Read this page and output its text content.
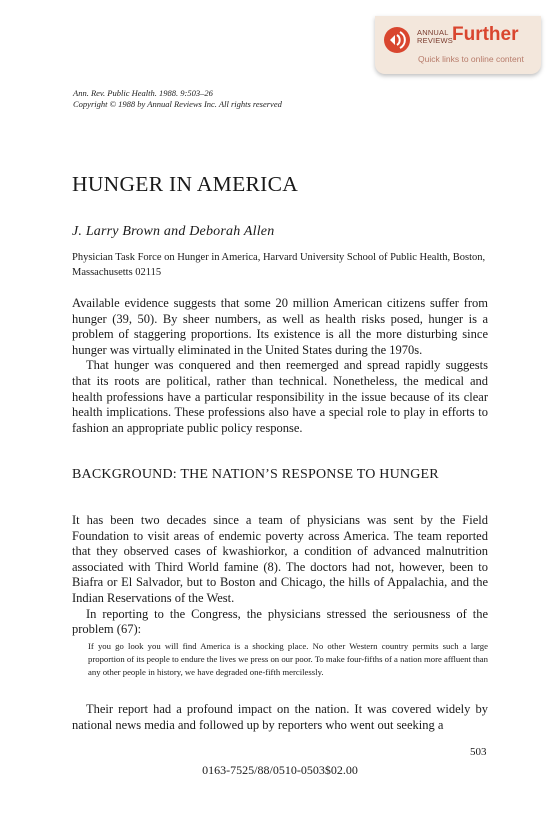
ANNUAL
REVIEWS Further
Quick links to online content
Ann. Rev. Public Health. 1988. 9:503–26
Copyright © 1988 by Annual Reviews Inc. All rights reserved
HUNGER IN AMERICA
J. Larry Brown and Deborah Allen
Physician Task Force on Hunger in America, Harvard University School of Public Health, Boston, Massachusetts 02115

Available evidence suggests that some 20 million American citizens suffer from hunger (39, 50). By sheer numbers, as well as health risks posed, hunger is a problem of staggering proportions. Its existence is all the more disturbing since hunger was virtually eliminated in the United States during the 1970s.

That hunger was conquered and then reemerged and spread rapidly suggests that its roots are political, rather than technical. Nonetheless, the medical and health professions have a particular responsibility in the issue because of its clear health implications. These professions also have a special role to play in efforts to fashion an appropriate public policy response.

BACKGROUND: THE NATION’S RESPONSE TO HUNGER

It has been two decades since a team of physicians was sent by the Field Foundation to visit areas of endemic poverty across America. The team reported that they observed cases of kwashiorkor, a condition of advanced malnutrition associated with Third World famine (8). The doctors had not, however, been to Biafra or El Salvador, but to Boston and Chicago, the hills of Appalachia, and the Indian Reservations of the West.

In reporting to the Congress, the physicians stressed the seriousness of the problem (67):

If you go look you will find America is a shocking place. No other Western country permits such a large proportion of its people to endure the lives we press on our poor. To make four-fifths of a nation more affluent than any other people in history, we have degraded one-fifth mercilessly.

Their report had a profound impact on the nation. It was covered widely by national news media and followed up by reporters who went out seeking a

503
0163-7525/88/0510-0503$02.00
